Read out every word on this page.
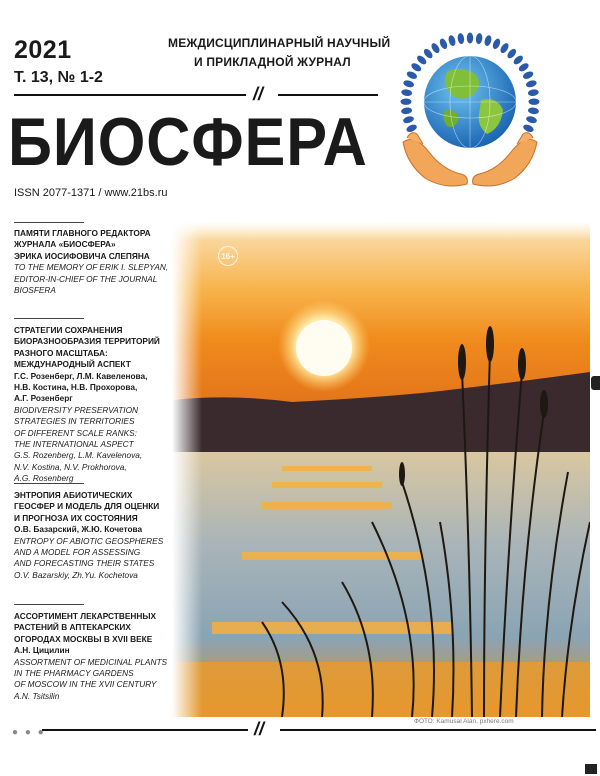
2021
Т. 13, № 1-2
МЕЖДИСЦИПЛИНАРНЫЙ НАУЧНЫЙ
И ПРИКЛАДНОЙ ЖУРНАЛ
//
БИОСФЕРА
ISSN 2077-1371 / www.21bs.ru
ПАМЯТИ ГЛАВНОГО РЕДАКТОРА
ЖУРНАЛА «БИОСФЕРА»
ЭРИКА ИОСИФОВИЧА СЛЕПЯНА
TO THE MEMORY OF ERIK I. SLEPYAN,
EDITOR-IN-CHIEF OF THE JOURNAL
BIOSFERA
СТРАТЕГИИ СОХРАНЕНИЯ
БИОРАЗНООБРАЗИЯ ТЕРРИТОРИЙ
РАЗНОГО МАСШТАБА:
МЕЖДУНАРОДНЫЙ АСПЕКТ
Г.С. Розенберг, Л.М. Кавеленова,
Н.В. Костина, Н.В. Прохорова,
А.Г. Розенберг
BIODIVERSITY PRESERVATION
STRATEGIES IN TERRITORIES
OF DIFFERENT SCALE RANKS:
THE INTERNATIONAL ASPECT
G.S. Rozenberg, L.M. Kavelenova,
N.V. Kostina, N.V. Prokhorova,
A.G. Rosenberg
ЭНТРОПИЯ АБИОТИЧЕСКИХ
ГЕОСФЕР И МОДЕЛЬ ДЛЯ ОЦЕНКИ
И ПРОГНОЗА ИХ СОСТОЯНИЯ
О.В. Базарский, Ж.Ю. Кочетова
ENTROPY OF ABIOTIC GEOSPHERES
AND A MODEL FOR ASSESSING
AND FORECASTING THEIR STATES
O.V. Bazarskiy, Zh.Yu. Kochetova
АССОРТИМЕНТ ЛЕКАРСТВЕННЫХ
РАСТЕНИЙ В АПТЕКАРСКИХ
ОГОРОДАХ МОСКВЫ В XVII ВЕКЕ
А.Н. Цицилин
ASSORTMENT OF MEDICINAL PLANTS
IN THE PHARMACY GARDENS
OF MOSCOW IN THE XVII CENTURY
A.N. Tsitsilin
16+
ФОТО: Kamusal Alan, pxhere.com
//
● ● ●
